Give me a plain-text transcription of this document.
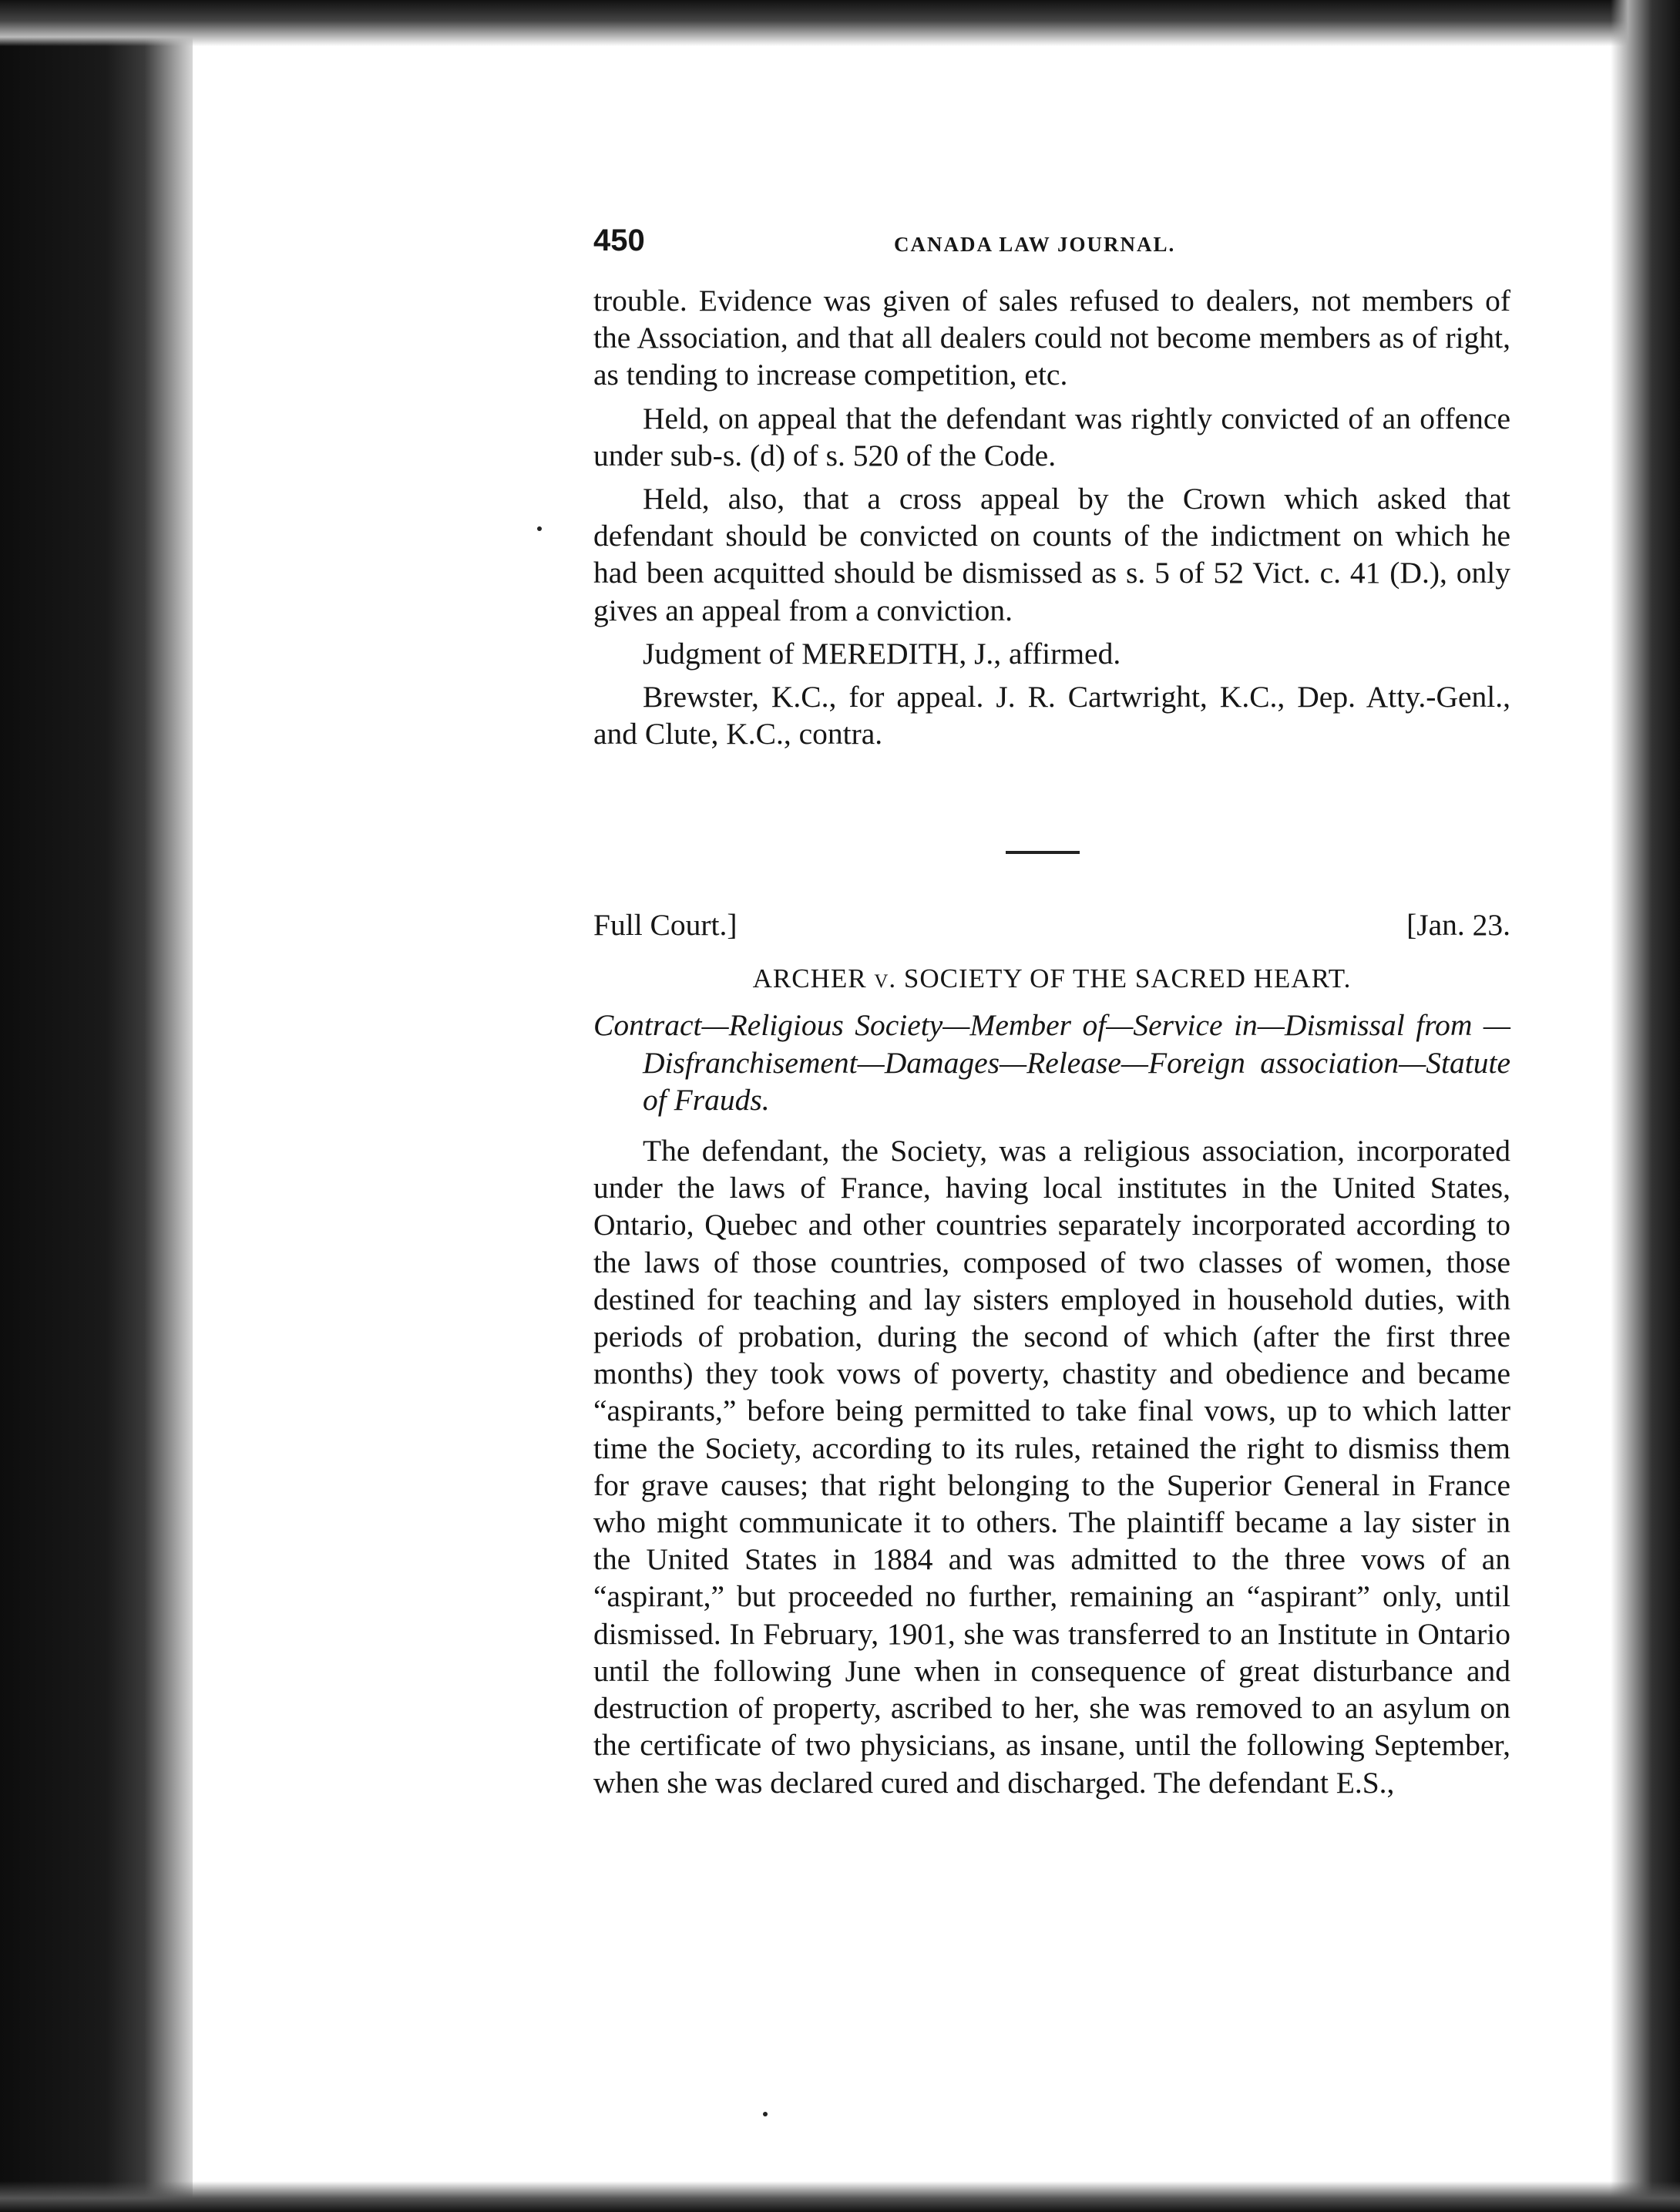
450	CANADA LAW JOURNAL.

trouble. Evidence was given of sales refused to dealers, not members of the Association, and that all dealers could not become members as of right, as tending to increase competition, etc.

Held, on appeal that the defendant was rightly convicted of an offence under sub-s. (d) of s. 520 of the Code.

Held, also, that a cross appeal by the Crown which asked that defendant should be convicted on counts of the indictment on which he had been acquitted should be dismissed as s. 5 of 52 Vict. c. 41 (D.), only gives an appeal from a conviction.

Judgment of MEREDITH, J., affirmed.

Brewster, K.C., for appeal. J. R. Cartwright, K.C., Dep. Atty.-Genl., and Clute, K.C., contra.

Full Court.]	[Jan. 23.
ARCHER v. SOCIETY OF THE SACRED HEART.
Contract—Religious Society—Member of—Service in—Dismissal from — Disfranchisement—Damages—Release—Foreign association—Statute of Frauds.

The defendant, the Society, was a religious association, incorporated under the laws of France, having local institutes in the United States, Ontario, Quebec and other countries separately incorporated according to the laws of those countries, composed of two classes of women, those destined for teaching and lay sisters employed in household duties, with periods of probation, during the second of which (after the first three months) they took vows of poverty, chastity and obedience and became “aspirants,” before being permitted to take final vows, up to which latter time the Society, according to its rules, retained the right to dismiss them for grave causes; that right belonging to the Superior General in France who might communicate it to others. The plaintiff became a lay sister in the United States in 1884 and was admitted to the three vows of an “aspirant,” but proceeded no further, remaining an “aspirant” only, until dismissed. In February, 1901, she was transferred to an Institute in Ontario until the following June when in consequence of great disturbance and destruction of property, ascribed to her, she was removed to an asylum on the certificate of two physicians, as insane, until the following September, when she was declared cured and discharged. The defendant E.S.,
